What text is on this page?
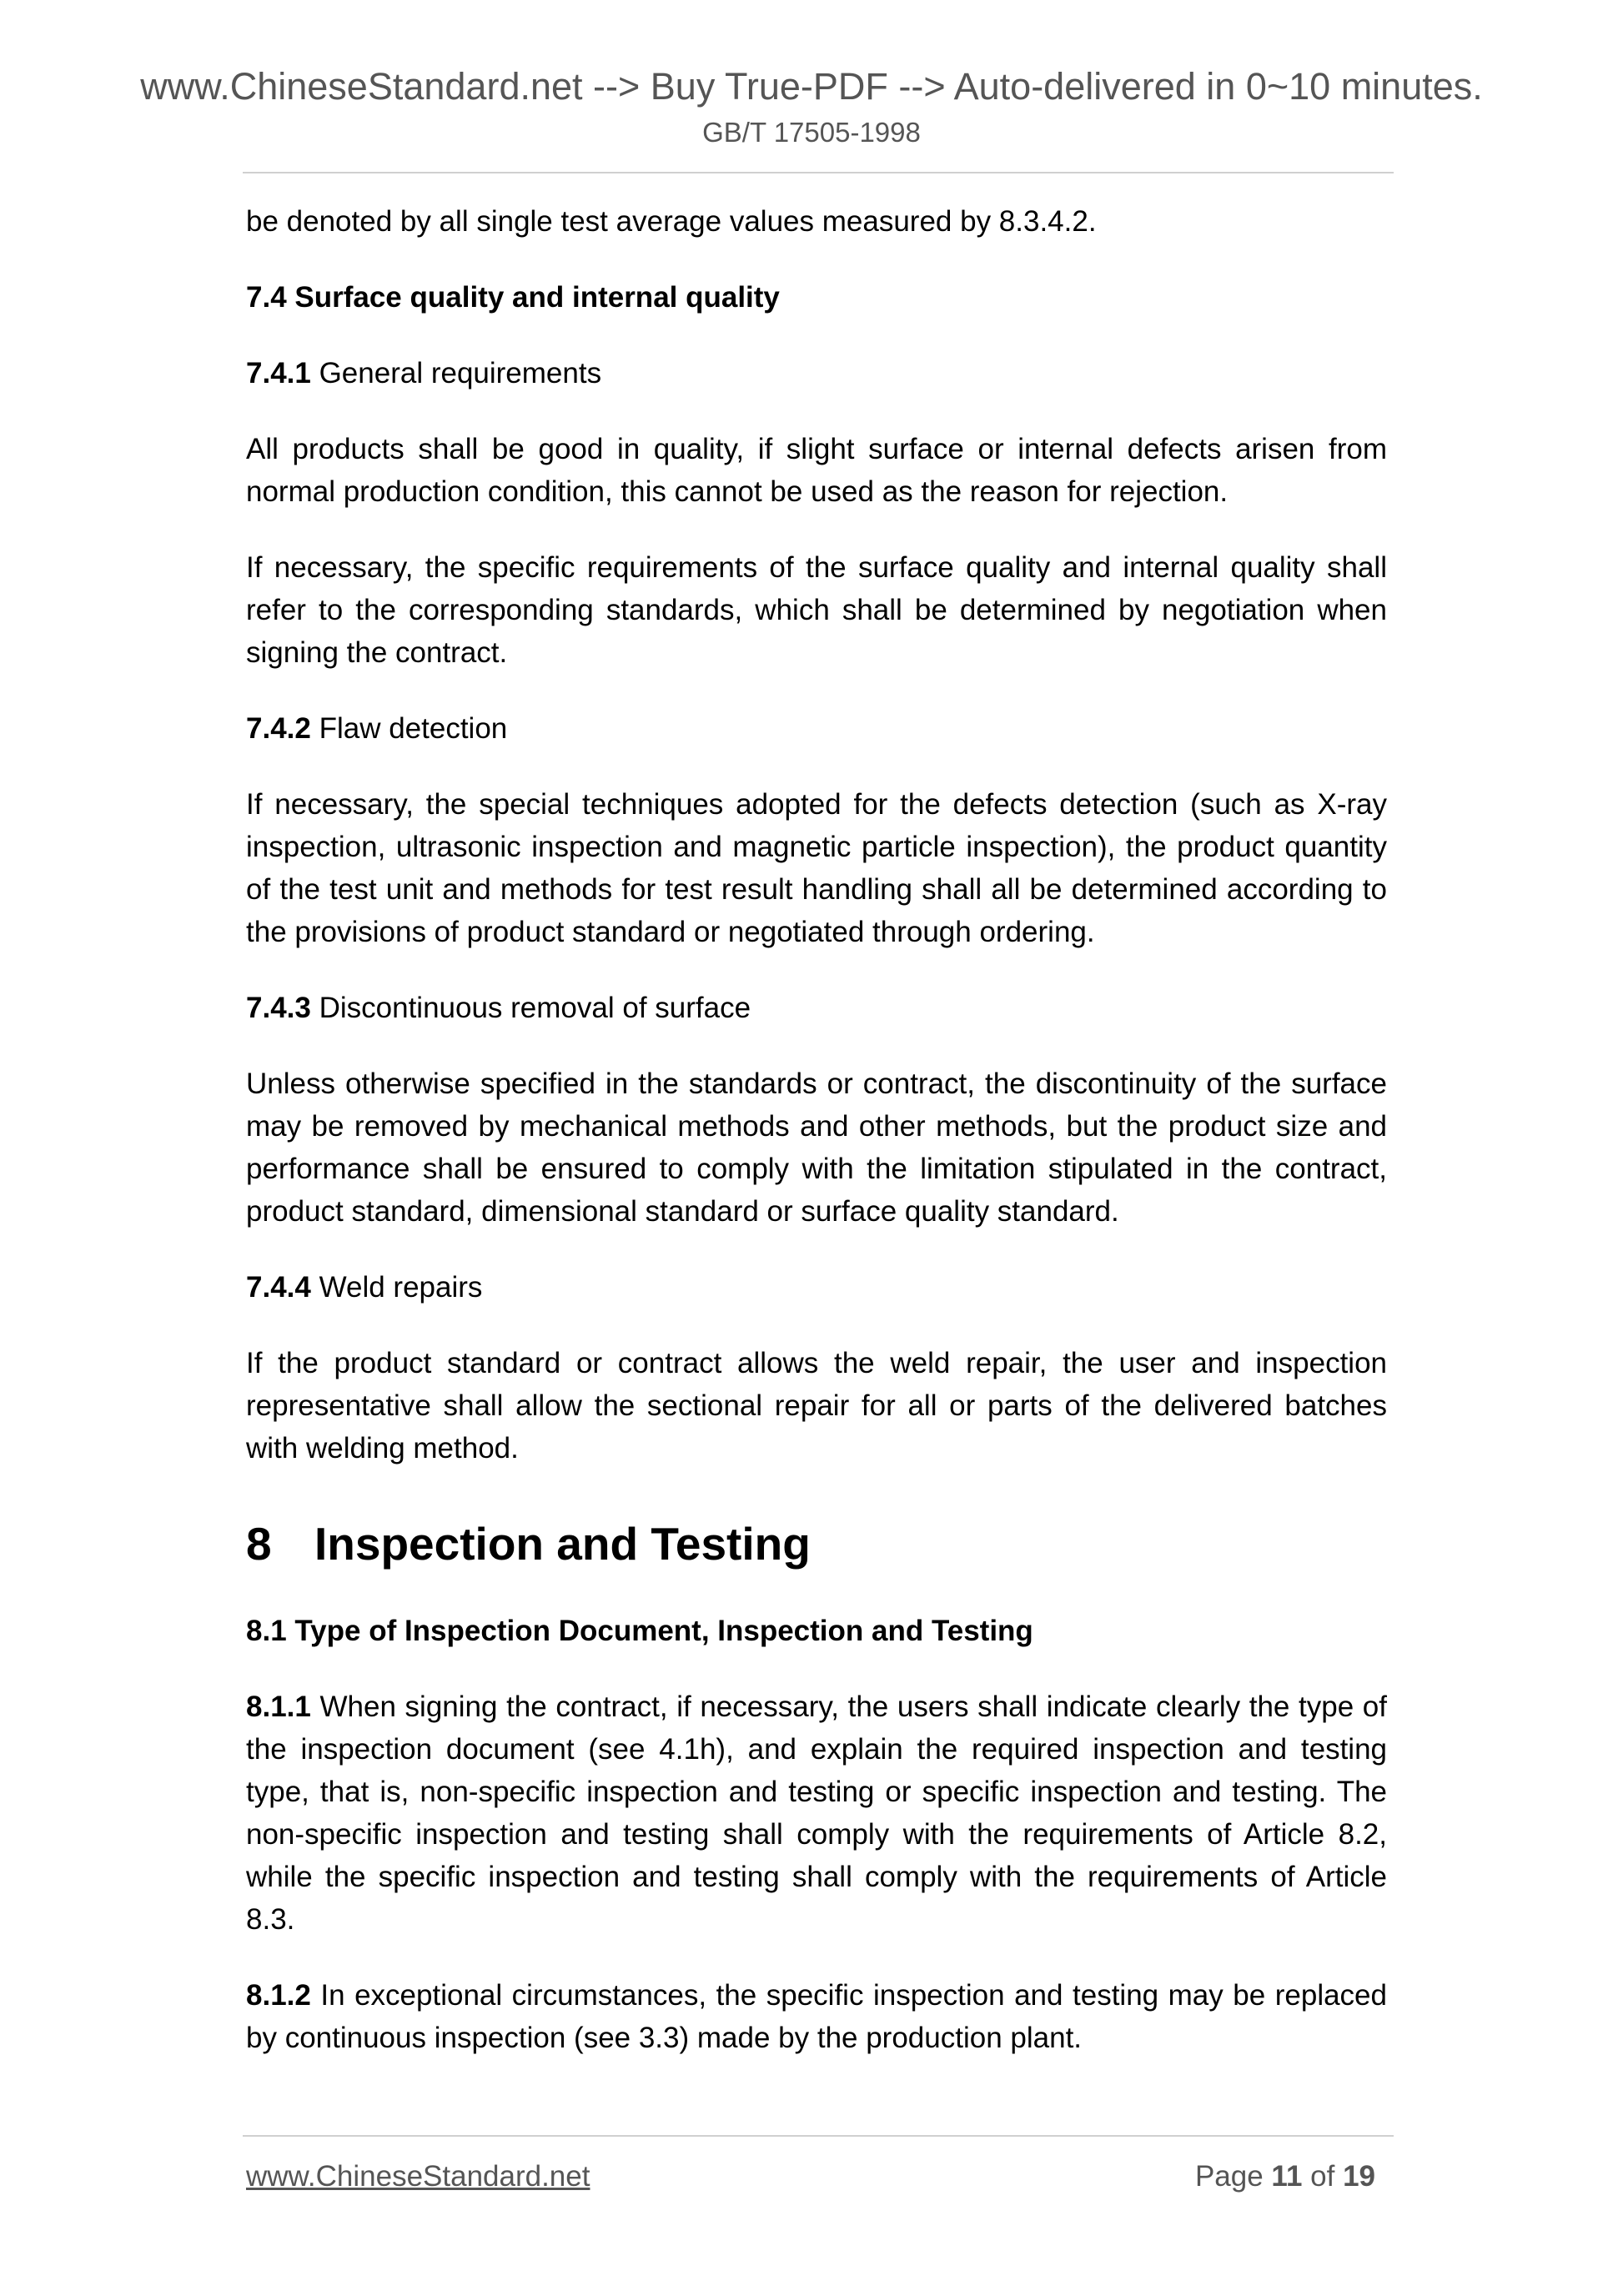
www.ChineseStandard.net --> Buy True-PDF --> Auto-delivered in 0~10 minutes.
GB/T 17505-1998

be denoted by all single test average values measured by 8.3.4.2.

7.4 Surface quality and internal quality

7.4.1 General requirements

All products shall be good in quality, if slight surface or internal defects arisen from normal production condition, this cannot be used as the reason for rejection.

If necessary, the specific requirements of the surface quality and internal quality shall refer to the corresponding standards, which shall be determined by negotiation when signing the contract.

7.4.2 Flaw detection

If necessary, the special techniques adopted for the defects detection (such as X-ray inspection, ultrasonic inspection and magnetic particle inspection), the product quantity of the test unit and methods for test result handling shall all be determined according to the provisions of product standard or negotiated through ordering.

7.4.3 Discontinuous removal of surface

Unless otherwise specified in the standards or contract, the discontinuity of the surface may be removed by mechanical methods and other methods, but the product size and performance shall be ensured to comply with the limitation stipulated in the contract, product standard, dimensional standard or surface quality standard.

7.4.4 Weld repairs

If the product standard or contract allows the weld repair, the user and inspection representative shall allow the sectional repair for all or parts of the delivered batches with welding method.

8 Inspection and Testing

8.1 Type of Inspection Document, Inspection and Testing

8.1.1 When signing the contract, if necessary, the users shall indicate clearly the type of the inspection document (see 4.1h), and explain the required inspection and testing type, that is, non-specific inspection and testing or specific inspection and testing. The non-specific inspection and testing shall comply with the requirements of Article 8.2, while the specific inspection and testing shall comply with the requirements of Article 8.3.

8.1.2 In exceptional circumstances, the specific inspection and testing may be replaced by continuous inspection (see 3.3) made by the production plant.

www.ChineseStandard.net	Page 11 of 19
